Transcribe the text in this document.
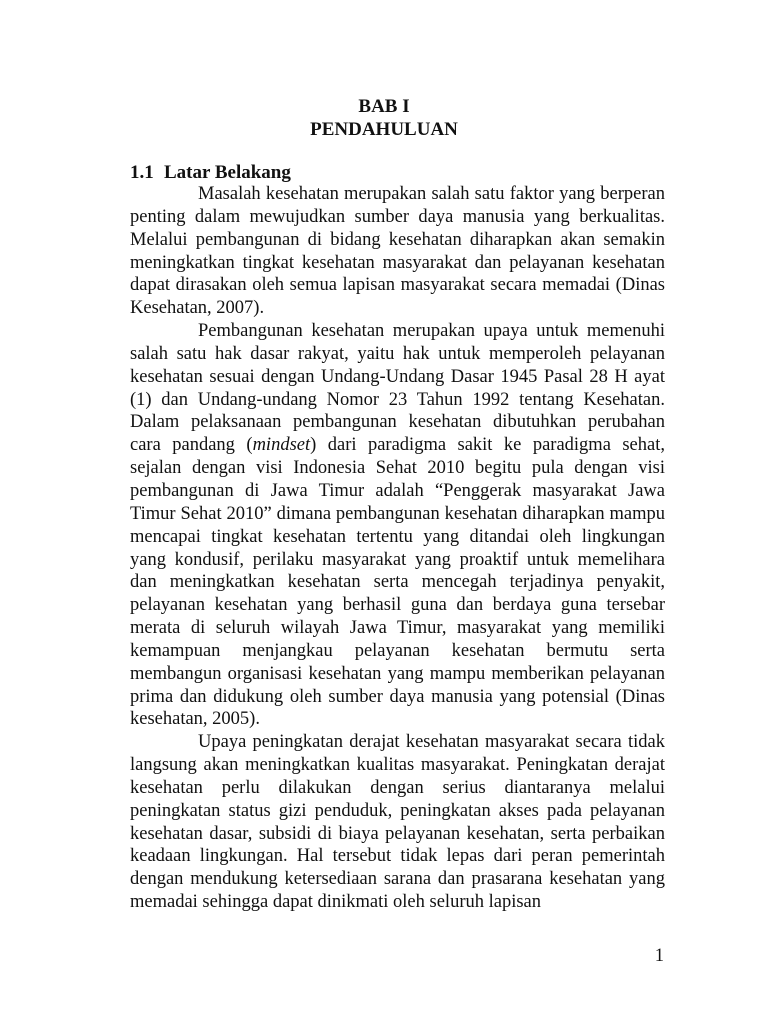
BAB I
PENDAHULUAN
1.1 Latar Belakang

Masalah kesehatan merupakan salah satu faktor yang berperan penting dalam mewujudkan sumber daya manusia yang berkualitas. Melalui pembangunan di bidang kesehatan diharapkan akan semakin meningkatkan tingkat kesehatan masyarakat dan pelayanan kesehatan dapat dirasakan oleh semua lapisan masyarakat secara memadai (Dinas Kesehatan, 2007).

Pembangunan kesehatan merupakan upaya untuk memenuhi salah satu hak dasar rakyat, yaitu hak untuk memperoleh pelayanan kesehatan sesuai dengan Undang-Undang Dasar 1945 Pasal 28 H ayat (1) dan Undang-undang Nomor 23 Tahun 1992 tentang Kesehatan. Dalam pelaksanaan pembangunan kesehatan dibutuhkan perubahan cara pandang (mindset) dari paradigma sakit ke paradigma sehat, sejalan dengan visi Indonesia Sehat 2010 begitu pula dengan visi pembangunan di Jawa Timur adalah “Penggerak masyarakat Jawa Timur Sehat 2010” dimana pembangunan kesehatan diharapkan mampu mencapai tingkat kesehatan tertentu yang ditandai oleh lingkungan yang kondusif, perilaku masyarakat yang proaktif untuk memelihara dan meningkatkan kesehatan serta mencegah terjadinya penyakit, pelayanan kesehatan yang berhasil guna dan berdaya guna tersebar merata di seluruh wilayah Jawa Timur, masyarakat yang memiliki kemampuan menjangkau pelayanan kesehatan bermutu serta membangun organisasi kesehatan yang mampu memberikan pelayanan prima dan didukung oleh sumber daya manusia yang potensial (Dinas kesehatan, 2005).

Upaya peningkatan derajat kesehatan masyarakat secara tidak langsung akan meningkatkan kualitas masyarakat. Peningkatan derajat kesehatan perlu dilakukan dengan serius diantaranya melalui peningkatan status gizi penduduk, peningkatan akses pada pelayanan kesehatan dasar, subsidi di biaya pelayanan kesehatan, serta perbaikan keadaan lingkungan. Hal tersebut tidak lepas dari peran pemerintah dengan mendukung ketersediaan sarana dan prasarana kesehatan yang memadai sehingga dapat dinikmati oleh seluruh lapisan

1
